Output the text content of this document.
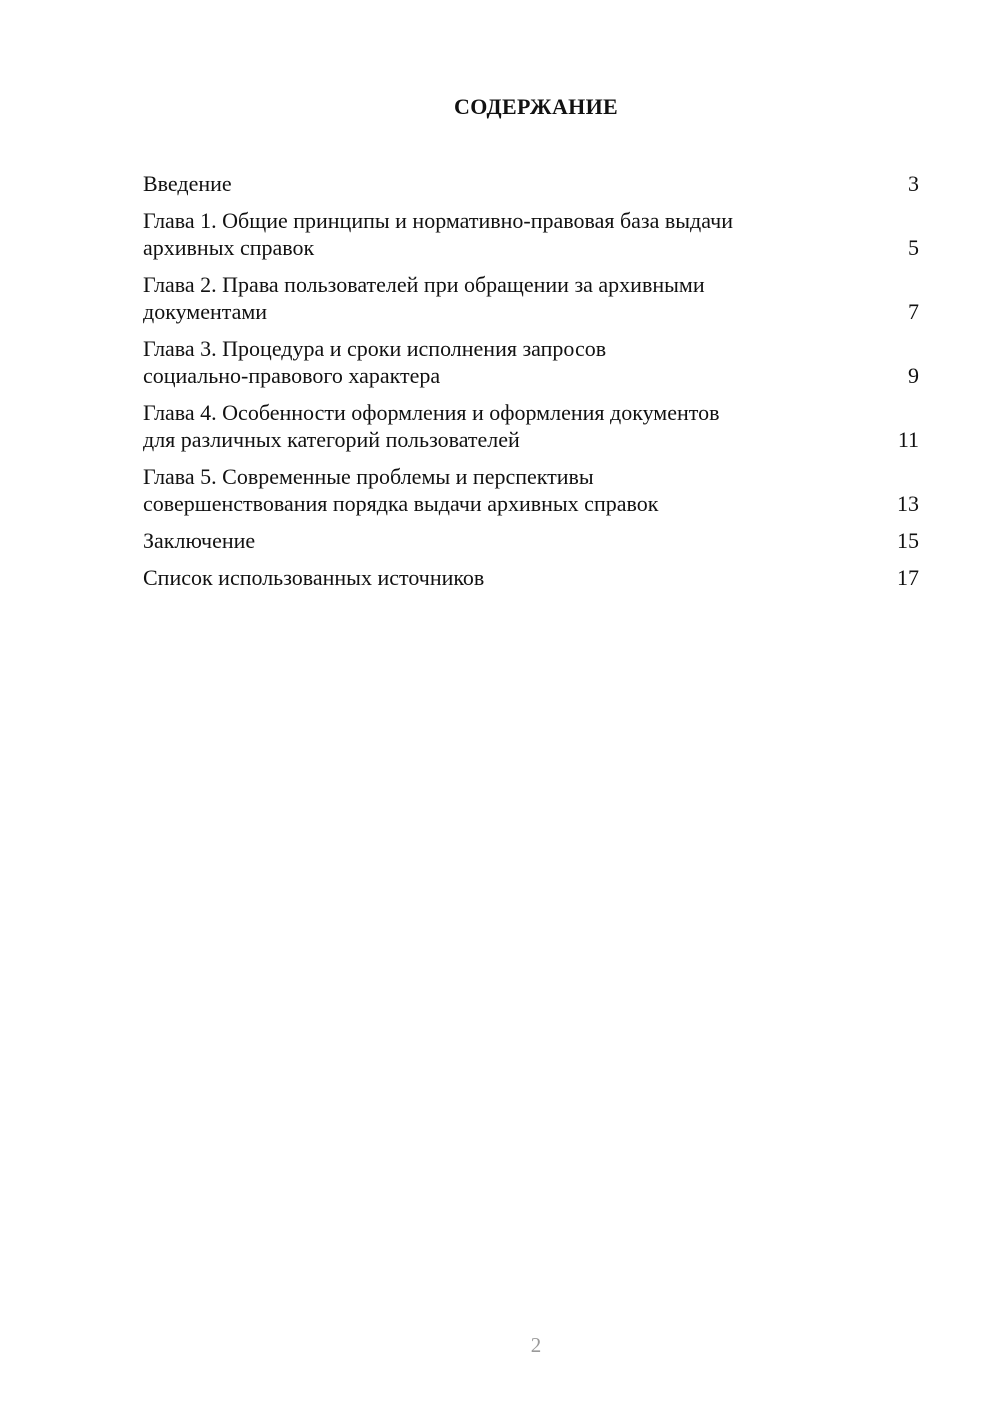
СОДЕРЖАНИЕ
Введение	3
Глава 1. Общие принципы и нормативно-правовая база выдачи
архивных справок	5
Глава 2. Права пользователей при обращении за архивными
документами	7
Глава 3. Процедура и сроки исполнения запросов
социально-правового характера	9
Глава 4. Особенности оформления и оформления документов
для различных категорий пользователей	11
Глава 5. Современные проблемы и перспективы
совершенствования порядка выдачи архивных справок	13
Заключение	15
Список использованных источников	17
2
